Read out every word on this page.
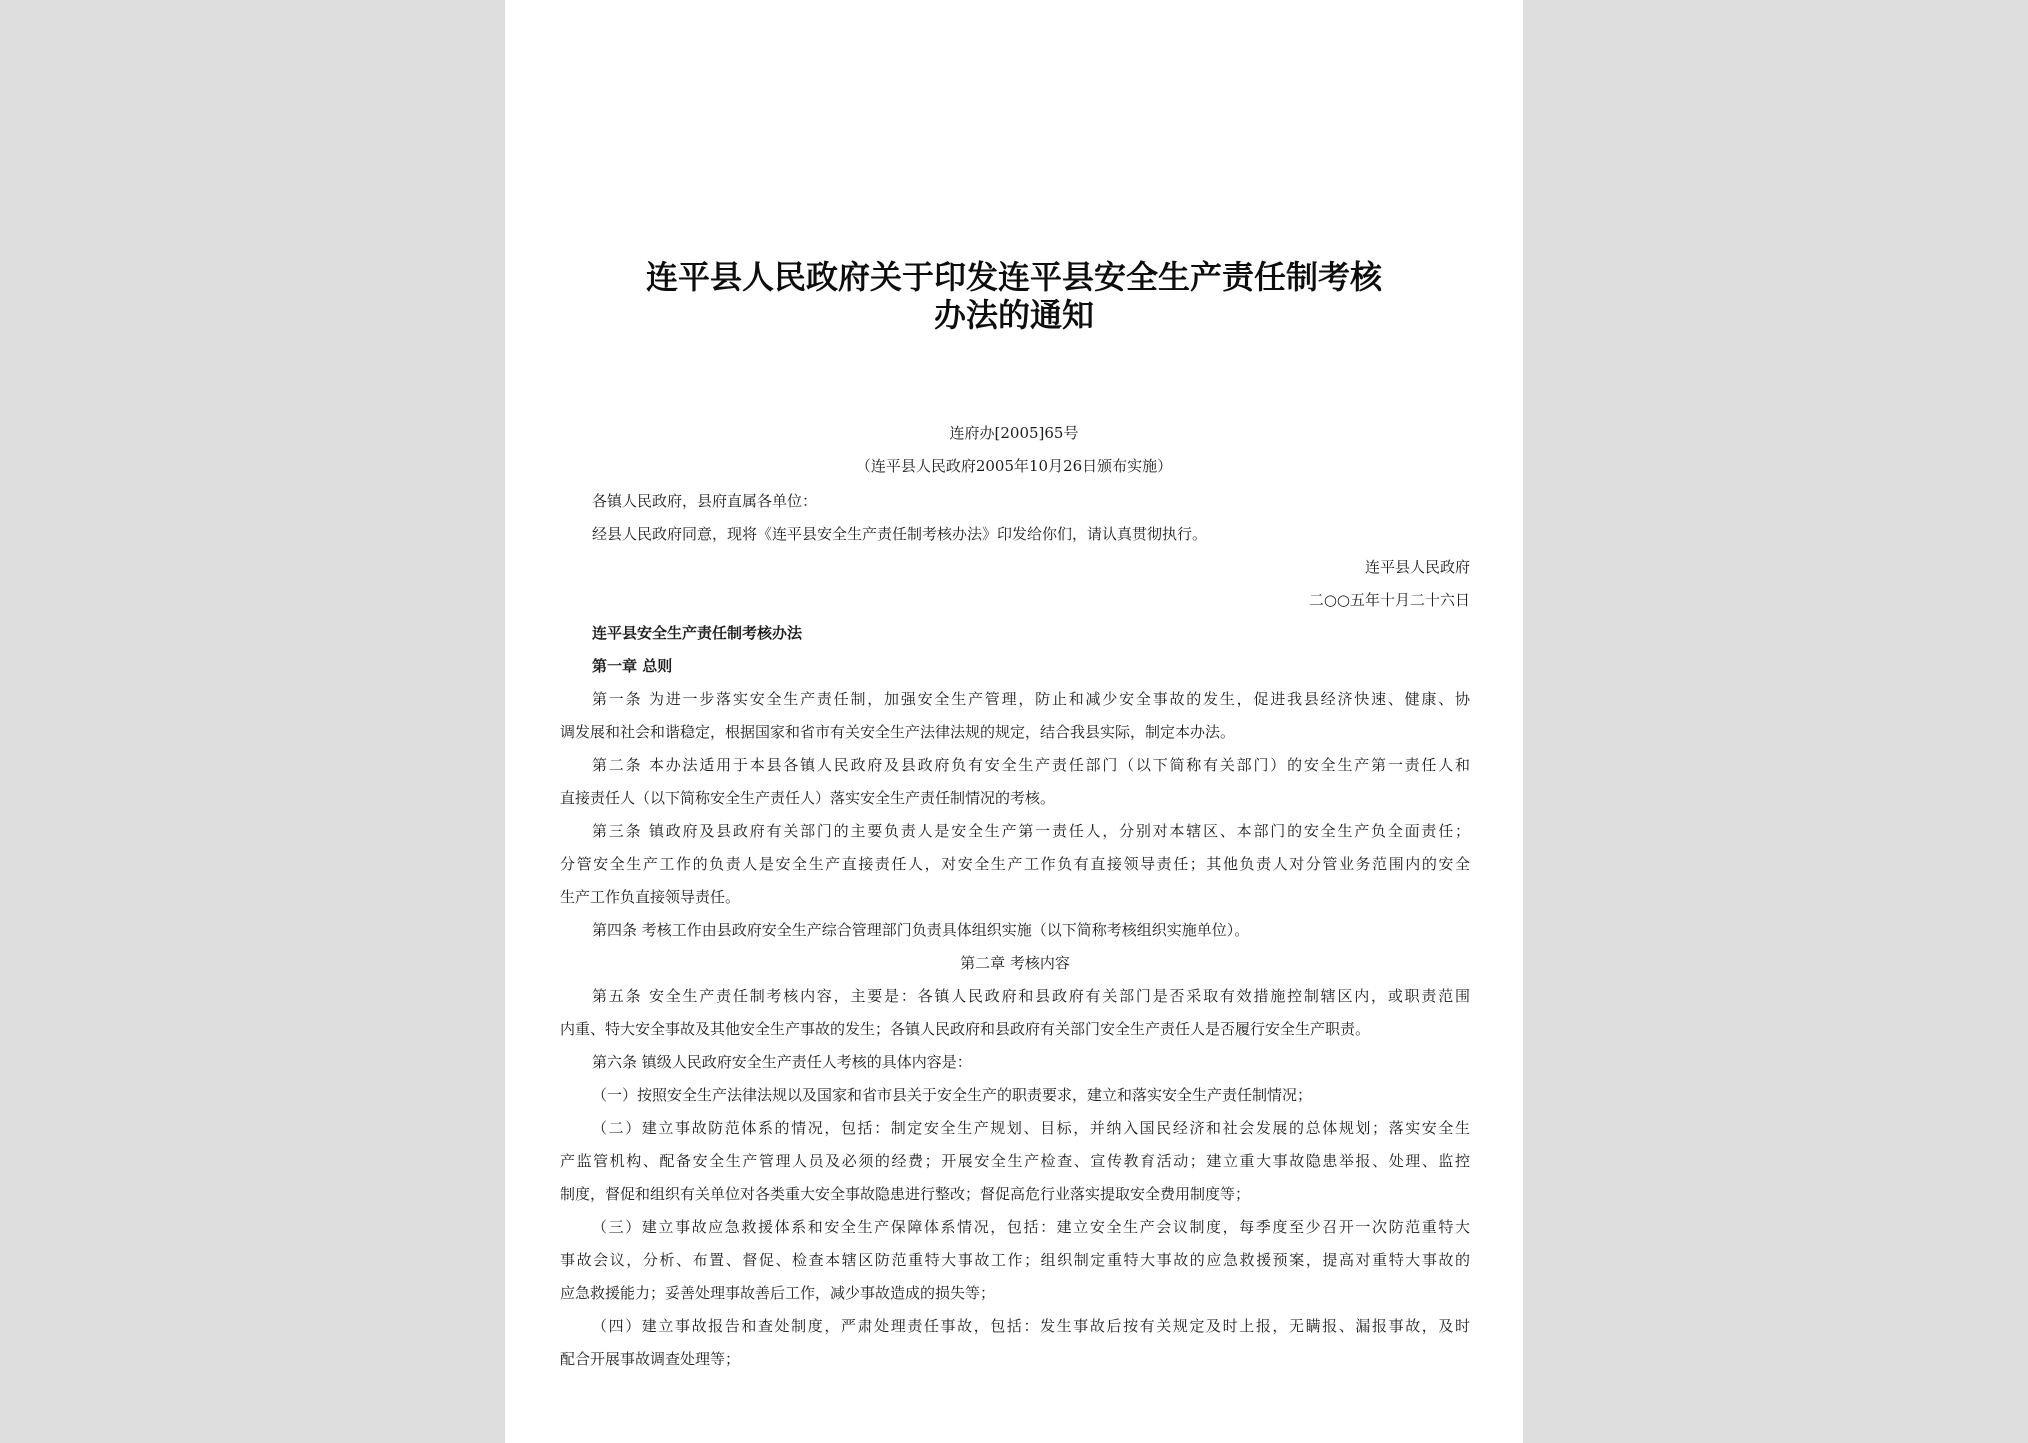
连平县人民政府关于印发连平县安全生产责任制考核
办法的通知

连府办[2005]65号

（连平县人民政府2005年10月26日颁布实施）

各镇人民政府，县府直属各单位：

经县人民政府同意，现将《连平县安全生产责任制考核办法》印发给你们，请认真贯彻执行。

连平县人民政府

二○○五年十月二十六日

连平县安全生产责任制考核办法

第一章 总则

第一条 为进一步落实安全生产责任制，加强安全生产管理，防止和减少安全事故的发生，促进我县经济快速、健康、协

调发展和社会和谐稳定，根据国家和省市有关安全生产法律法规的规定，结合我县实际，制定本办法。

第二条 本办法适用于本县各镇人民政府及县政府负有安全生产责任部门（以下简称有关部门）的安全生产第一责任人和

直接责任人（以下简称安全生产责任人）落实安全生产责任制情况的考核。

第三条 镇政府及县政府有关部门的主要负责人是安全生产第一责任人，分别对本辖区、本部门的安全生产负全面责任；

分管安全生产工作的负责人是安全生产直接责任人，对安全生产工作负有直接领导责任；其他负责人对分管业务范围内的安全

生产工作负直接领导责任。

第四条 考核工作由县政府安全生产综合管理部门负责具体组织实施（以下简称考核组织实施单位）。

第二章 考核内容

第五条 安全生产责任制考核内容，主要是：各镇人民政府和县政府有关部门是否采取有效措施控制辖区内，或职责范围

内重、特大安全事故及其他安全生产事故的发生；各镇人民政府和县政府有关部门安全生产责任人是否履行安全生产职责。

第六条 镇级人民政府安全生产责任人考核的具体内容是：

（一）按照安全生产法律法规以及国家和省市县关于安全生产的职责要求，建立和落实安全生产责任制情况；

（二）建立事故防范体系的情况，包括：制定安全生产规划、目标，并纳入国民经济和社会发展的总体规划；落实安全生

产监管机构、配备安全生产管理人员及必须的经费；开展安全生产检查、宣传教育活动；建立重大事故隐患举报、处理、监控

制度，督促和组织有关单位对各类重大安全事故隐患进行整改；督促高危行业落实提取安全费用制度等；

（三）建立事故应急救援体系和安全生产保障体系情况，包括：建立安全生产会议制度，每季度至少召开一次防范重特大

事故会议，分析、布置、督促、检查本辖区防范重特大事故工作；组织制定重特大事故的应急救援预案，提高对重特大事故的

应急救援能力；妥善处理事故善后工作，减少事故造成的损失等；

（四）建立事故报告和查处制度，严肃处理责任事故，包括：发生事故后按有关规定及时上报，无瞒报、漏报事故，及时

配合开展事故调查处理等；
